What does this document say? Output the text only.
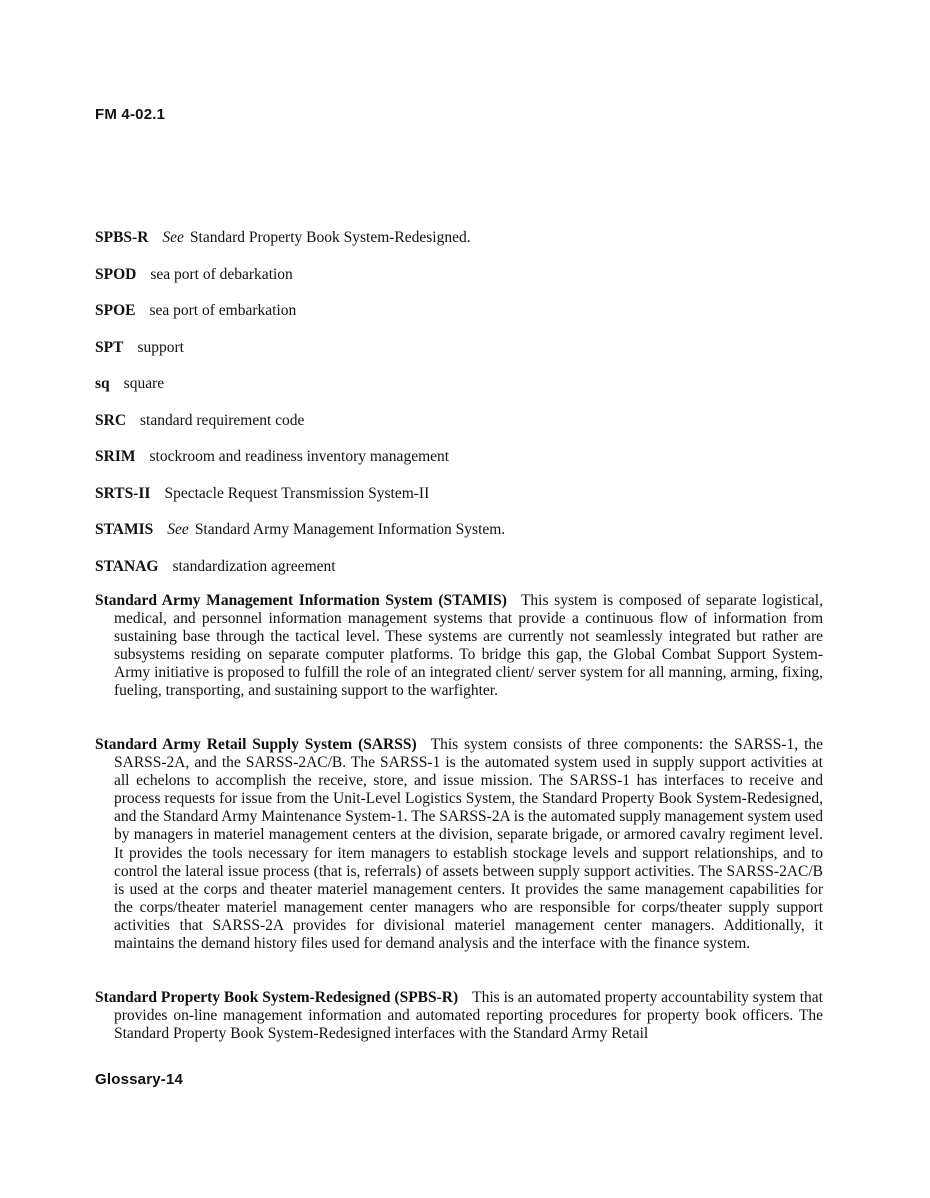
FM 4-02.1
SPBS-R See Standard Property Book System-Redesigned.
SPOD sea port of debarkation
SPOE sea port of embarkation
SPT support
sq square
SRC standard requirement code
SRIM stockroom and readiness inventory management
SRTS-II Spectacle Request Transmission System-II
STAMIS See Standard Army Management Information System.
STANAG standardization agreement
Standard Army Management Information System (STAMIS) This system is composed of separate logistical, medical, and personnel information management systems that provide a continuous flow of information from sustaining base through the tactical level. These systems are currently not seamlessly integrated but rather are subsystems residing on separate computer platforms. To bridge this gap, the Global Combat Support System-Army initiative is proposed to fulfill the role of an integrated client/ server system for all manning, arming, fixing, fueling, transporting, and sustaining support to the warfighter.
Standard Army Retail Supply System (SARSS) This system consists of three components: the SARSS-1, the SARSS-2A, and the SARSS-2AC/B. The SARSS-1 is the automated system used in supply support activities at all echelons to accomplish the receive, store, and issue mission. The SARSS-1 has interfaces to receive and process requests for issue from the Unit-Level Logistics System, the Standard Property Book System-Redesigned, and the Standard Army Maintenance System-1. The SARSS-2A is the automated supply management system used by managers in materiel management centers at the division, separate brigade, or armored cavalry regiment level. It provides the tools necessary for item managers to establish stockage levels and support relationships, and to control the lateral issue process (that is, referrals) of assets between supply support activities. The SARSS-2AC/B is used at the corps and theater materiel management centers. It provides the same management capabilities for the corps/theater materiel management center managers who are responsible for corps/theater supply support activities that SARSS-2A provides for divisional materiel management center managers. Additionally, it maintains the demand history files used for demand analysis and the interface with the finance system.
Standard Property Book System-Redesigned (SPBS-R) This is an automated property accountability system that provides on-line management information and automated reporting procedures for property book officers. The Standard Property Book System-Redesigned interfaces with the Standard Army Retail
Glossary-14
